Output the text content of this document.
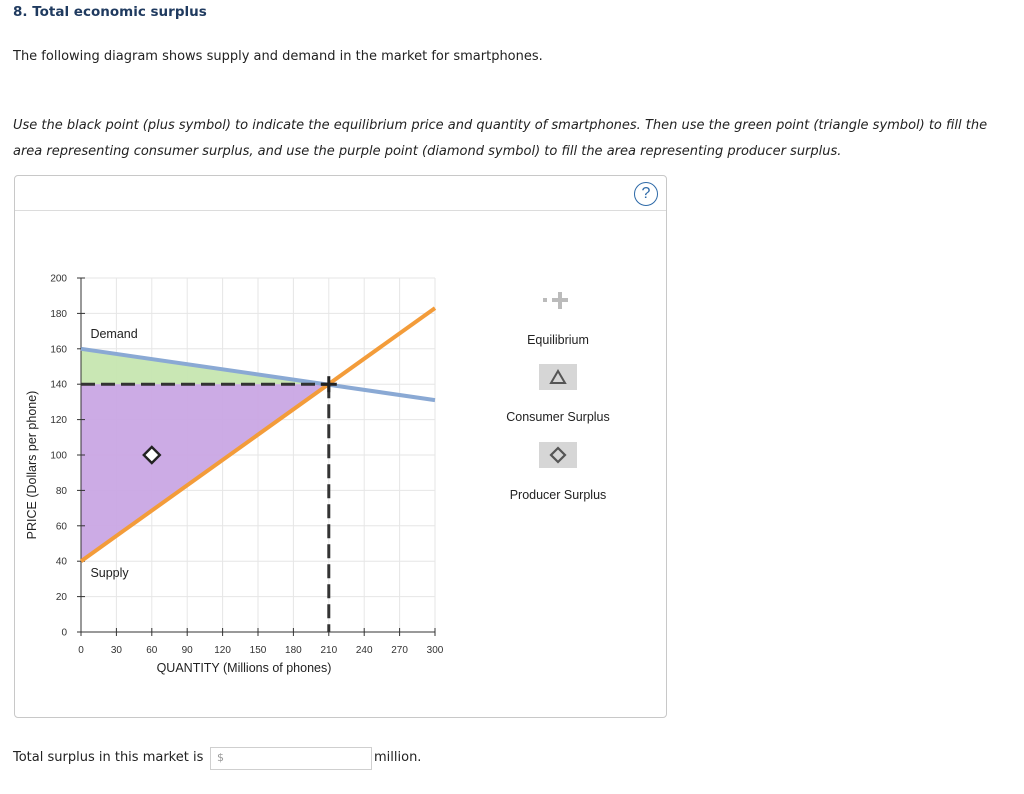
8. Total economic surplus
The following diagram shows supply and demand in the market for smartphones.
Use the black point (plus symbol) to indicate the equilibrium price and quantity of smartphones. Then use the green point (triangle symbol) to fill the area representing consumer surplus, and use the purple point (diamond symbol) to fill the area representing producer surplus.
?
0	30 60 90 120 150 180 210 240 270 300
0
20
40
60
80
100
120
140
160
180
200
QUANTITY (Millions of phones)
PRICE (Dollars per phone)
Demand
Supply
Equilibrium
Consumer Surplus
Producer Surplus
Total surplus in this market is $	million.
